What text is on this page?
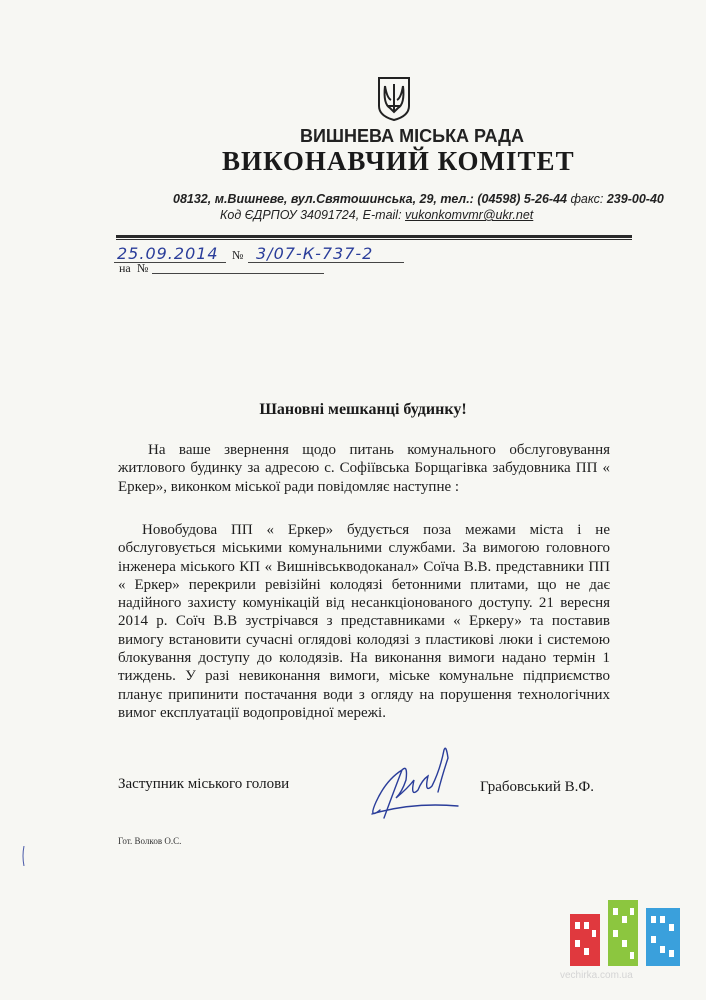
ВИШНЕВА МІСЬКА РАДА
ВИКОНАВЧИЙ КОМІТЕТ
08132, м.Вишневе, вул.Святошинська, 29, тел.: (04598) 5-26-44 факс: 239-00-40
Код ЄДРПОУ 34091724, E-mail: vukonkomvmr@ukr.net
25.09.2014 № 3/07-К-737-2
на №
Шановні мешканці будинку!
На ваше звернення щодо питань комунального обслуговування житлового будинку за адресою с. Софіївська Борщагівка забудовника ПП « Еркер», виконком міської ради повідомляє наступне :
Новобудова ПП « Еркер» будується поза межами міста і не обслуговується міськими комунальними службами. За вимогою головного інженера міського КП « Вишнівськводоканал» Соїча В.В. представники ПП « Еркер» перекрили ревізійні колодязі бетонними плитами, що не дає надійного захисту комунікацій від несанкціонованого доступу. 21 вересня 2014 р. Соїч В.В зустрічався з представниками « Еркеру» та поставив вимогу встановити сучасні оглядові колодязі з пластикові люки і системою блокування доступу до колодязів. На виконання вимоги надано термін 1 тиждень. У разі невиконання вимоги, міське комунальне підприємство планує припинити постачання води з огляду на порушення технологічних вимог експлуатації водопровідної мережі.
Заступник міського голови	Грабовський В.Ф.
Гот. Волков О.С.
vechirka.com.ua
